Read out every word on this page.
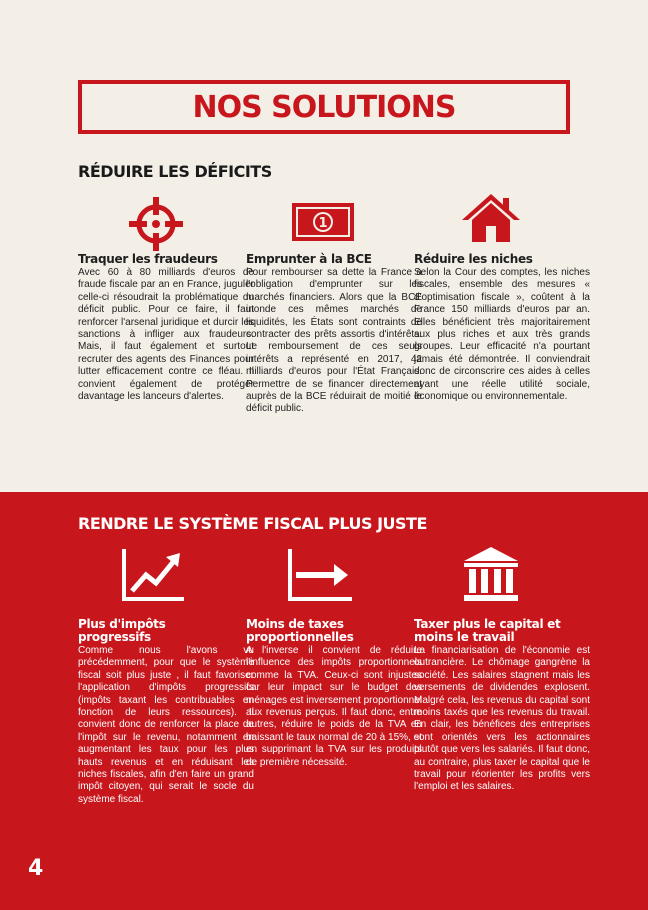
NOS SOLUTIONS
RÉDUIRE LES DÉFICITS
1
Traquer les fraudeurs

Avec 60 à 80 milliards d'euros de fraude fiscale par an en France, juguler celle-ci résoudrait la problématique du déficit public. Pour ce faire, il faut renforcer l'arsenal juridique et durcir les sanctions à infliger aux fraudeurs. Mais, il faut également et surtout recruter des agents des Finances pour lutter efficacement contre ce fléau. Il convient également de protéger davantage les lanceurs d'alertes.

Emprunter à la BCE

Pour rembourser sa dette la France a l'obligation d'emprunter sur les marchés financiers. Alors que la BCE inonde ces mêmes marchés de liquidités, les États sont contraints de contracter des prêts assortis d'intérêts. Le remboursement de ces seuls intérêts a représenté en 2017, 42 milliards d'euros pour l'État Français. Permettre de se financer directement auprès de la BCE réduirait de moitié le déficit public.

Réduire les niches

Selon la Cour des comptes, les niches fiscales, ensemble des mesures « d'optimisation fiscale », coûtent à la France 150 milliards d'euros par an. Elles bénéficient très majoritairement aux plus riches et aux très grands groupes. Leur efficacité n'a pourtant jamais été démontrée. Il conviendrait donc de circonscrire ces aides à celles ayant une réelle utilité sociale, économique ou environnementale.

RENDRE LE SYSTÈME FISCAL PLUS JUSTE
Plus d'impôts progressifs

Comme nous l'avons vu précédemment, pour que le système fiscal soit plus juste , il faut favoriser l'application d'impôts progressifs (impôts taxant les contribuables en fonction de leurs ressources). Il convient donc de renforcer la place de l'impôt sur le revenu, notamment en augmentant les taux pour les plus hauts revenus et en réduisant les niches fiscales, afin d'en faire un grand impôt citoyen, qui serait le socle du système fiscal.

Moins de taxes proportionnelles

A l'inverse il convient de réduire l'influence des impôts proportionnels comme la TVA. Ceux-ci sont injustes car leur impact sur le budget des ménages est inversement proportionnel aux revenus perçus. Il faut donc, entre autres, réduire le poids de la TVA en baissant le taux normal de 20 à 15%, et en supprimant la TVA sur les produits de première nécessité.

Taxer plus le capital et moins le travail

La financiarisation de l'économie est outrancière. Le chômage gangrène la société. Les salaires stagnent mais les versements de dividendes explosent. Malgré cela, les revenus du capital sont moins taxés que les revenus du travail. En clair, les bénéfices des entreprises sont orientés vers les actionnaires plutôt que vers les salariés. Il faut donc, au contraire, plus taxer le capital que le travail pour réorienter les profits vers l'emploi et les salaires.

4
